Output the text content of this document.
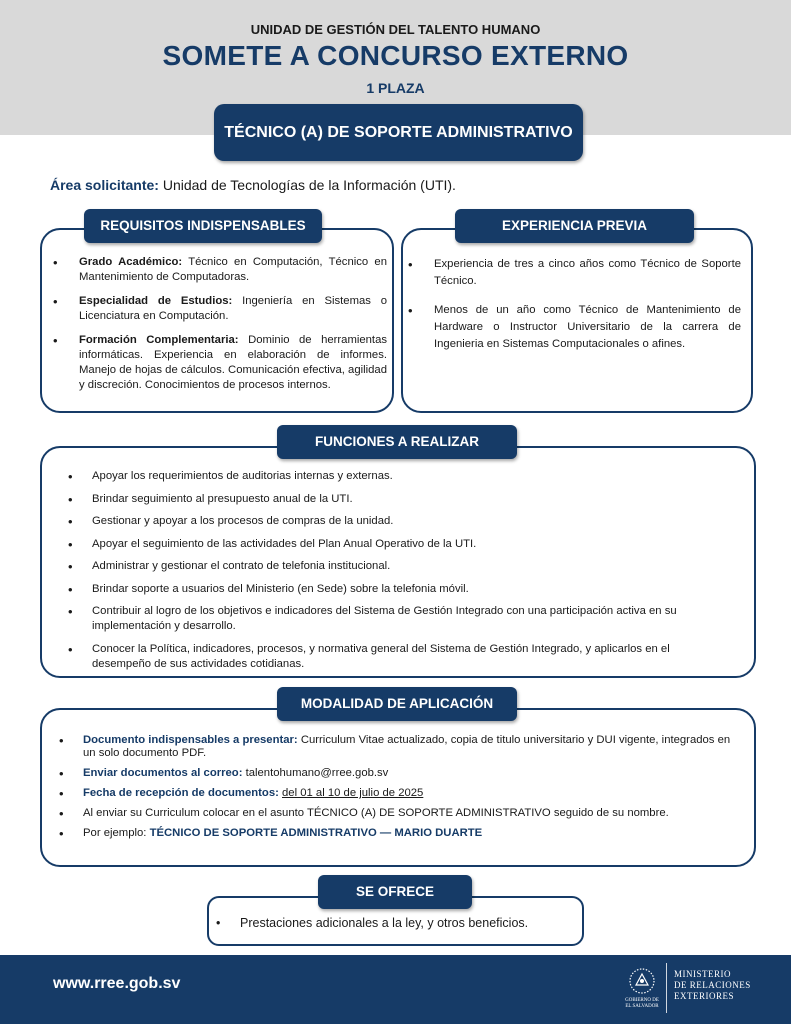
UNIDAD DE GESTIÓN DEL TALENTO HUMANO
SOMETE A CONCURSO EXTERNO
1 PLAZA
TÉCNICO (A) DE SOPORTE ADMINISTRATIVO
Área solicitante: Unidad de Tecnologías de la Información (UTI).
REQUISITOS INDISPENSABLES
• Grado Académico: Técnico en Computación, Técnico en Mantenimiento de Computadoras.
• Especialidad de Estudios: Ingeniería en Sistemas o Licenciatura en Computación.
• Formación Complementaria: Dominio de herramientas informáticas. Experiencia en elaboración de informes. Manejo de hojas de cálculos. Comunicación efectiva, agilidad y discreción. Conocimientos de procesos internos.
EXPERIENCIA PREVIA
• Experiencia de tres a cinco años como Técnico de Soporte Técnico.
• Menos de un año como Técnico de Mantenimiento de Hardware o Instructor Universitario de la carrera de Ingenieria en Sistemas Computacionales o afines.
FUNCIONES A REALIZAR
• Apoyar los requerimientos de auditorias internas y externas.
• Brindar seguimiento al presupuesto anual de la UTI.
• Gestionar y apoyar a los procesos de compras de la unidad.
• Apoyar el seguimiento de las actividades del Plan Anual Operativo de la UTI.
• Administrar y gestionar el contrato de telefonia institucional.
• Brindar soporte a usuarios del Ministerio (en Sede) sobre la telefonia móvil.
• Contribuir al logro de los objetivos e indicadores del Sistema de Gestión Integrado con una participación activa en su implementación y desarrollo.
• Conocer la Política, indicadores, procesos, y normativa general del Sistema de Gestión Integrado, y aplicarlos en el desempeño de sus actividades cotidianas.
MODALIDAD DE APLICACIÓN
• Documento indispensables a presentar: Curriculum Vitae actualizado, copia de titulo universitario y DUI vigente, integrados en un solo documento PDF.
• Enviar documentos al correo: talentohumano@rree.gob.sv
• Fecha de recepción de documentos: del 01 al 10 de julio de 2025
• Al enviar su Curriculum colocar en el asunto TÉCNICO (A) DE SOPORTE ADMINISTRATIVO seguido de su nombre.
• Por ejemplo: TÉCNICO DE SOPORTE ADMINISTRATIVO — MARIO DUARTE
SE OFRECE
• Prestaciones adicionales a la ley, y otros beneficios.
www.rree.gob.sv
GOBIERNO DE
EL SALVADOR
MINISTERIO
DE RELACIONES
EXTERIORES
